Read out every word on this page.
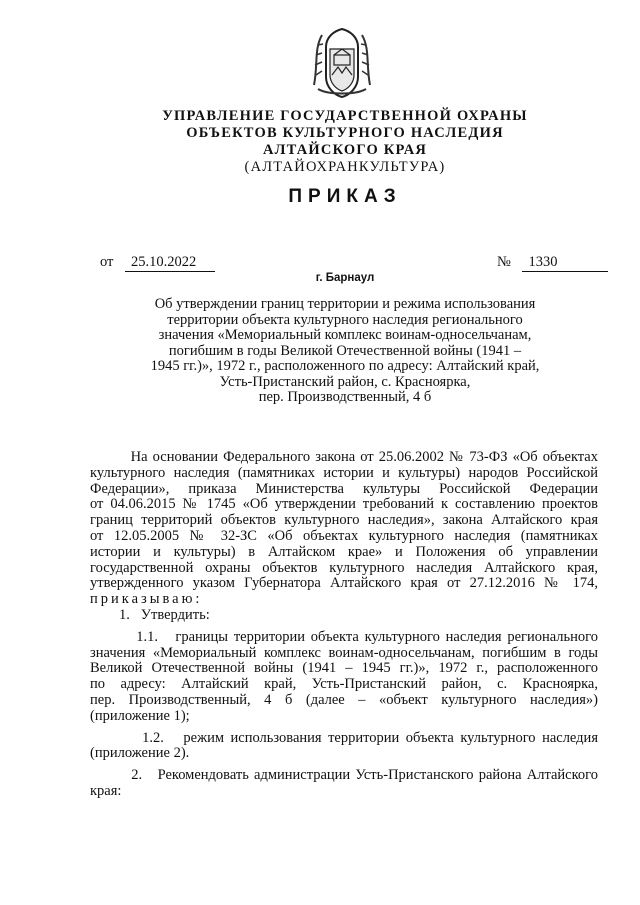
УПРАВЛЕНИЕ ГОСУДАРСТВЕННОЙ ОХРАНЫ
ОБЪЕКТОВ КУЛЬТУРНОГО НАСЛЕДИЯ
АЛТАЙСКОГО КРАЯ
(АЛТАЙОХРАНКУЛЬТУРА)
ПРИКАЗ
от 25.10.2022	№ 1330
г. Барнаул
Об утверждении границ территории и режима использования
территории объекта культурного наследия регионального
значения «Мемориальный комплекс воинам-односельчанам,
погибшим в годы Великой Отечественной войны (1941 –
1945 гг.)», 1972 г., расположенного по адресу: Алтайский край,
Усть-Пристанский район, с. Красноярка,
пер. Производственный, 4 б
На основании Федерального закона от 25.06.2002 № 73-ФЗ «Об объектах
культурного наследия (памятниках истории и культуры) народов Российской
Федерации», приказа Министерства культуры Российской Федерации
от 04.06.2015 № 1745 «Об утверждении требований к составлению проектов
границ территорий объектов культурного наследия», закона Алтайского края
от 12.05.2005 № 32-ЗС «Об объектах культурного наследия (памятниках
истории и культуры) в Алтайском крае» и Положения об управлении
государственной охраны объектов культурного наследия Алтайского края,
утвержденного указом Губернатора Алтайского края от 27.12.2016 № 174,
приказываю:
1.   Утвердить:
1.1.   границы территории объекта культурного наследия регионального
значения «Мемориальный комплекс воинам-односельчанам, погибшим в годы
Великой Отечественной войны (1941 – 1945 гг.)», 1972 г., расположенного
по адресу: Алтайский край, Усть-Пристанский район, с. Красноярка,
пер. Производственный, 4 б (далее – «объект культурного наследия»)
(приложение 1);
1.2.   режим использования территории объекта культурного наследия
(приложение 2).
2.   Рекомендовать администрации Усть-Пристанского района Алтайского
края:
